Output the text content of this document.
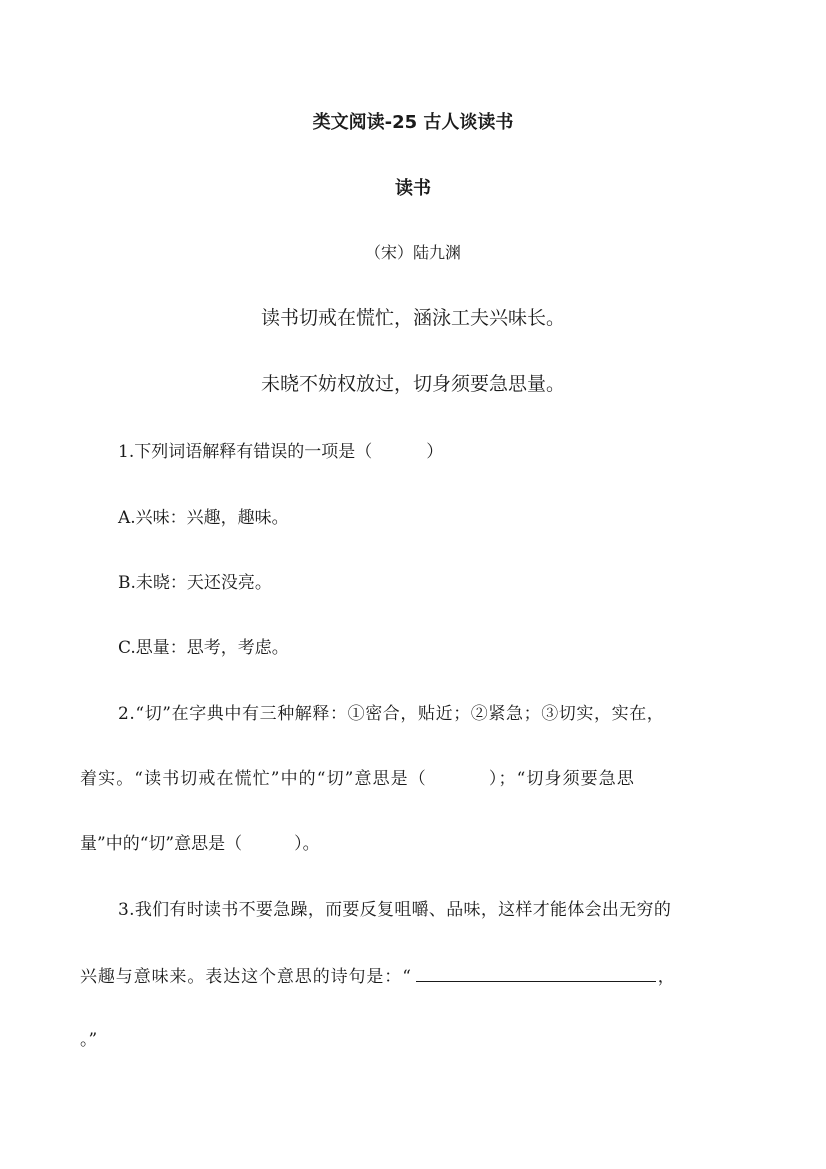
类文阅读-25 古人谈读书
读书
（宋）陆九渊
读书切戒在慌忙，涵泳工夫兴味长。
未晓不妨权放过，切身须要急思量。
1.下列词语解释有错误的一项是（	）
A.兴味：兴趣，趣味。
B.未晓：天还没亮。
C.思量：思考，考虑。
2.“切”在字典中有三种解释：①密合，贴近；②紧急；③切实，实在，
着实。“读书切戒在慌忙”中的“切”意思是（	）；“切身须要急思
量”中的“切”意思是（	）。
3.我们有时读书不要急躁，而要反复咀嚼、品味，这样才能体会出无穷的
兴趣与意味来。表达这个意思的诗句是：“	，
。”
